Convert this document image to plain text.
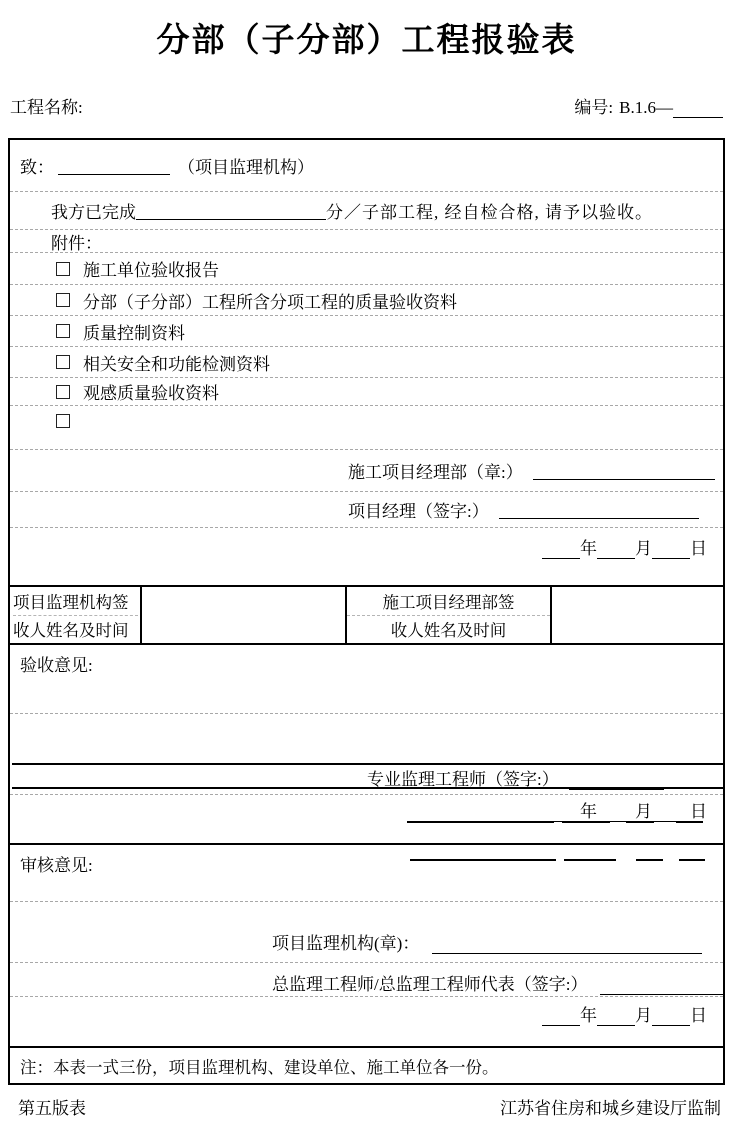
分部（子分部）工程报验表
工程名称:	编号: B.1.6—
致：	（项目监理机构）
我方已完成	分／子部工程, 经自检合格, 请予以验收。
附件：
施工单位验收报告
分部（子分部）工程所含分项工程的质量验收资料
质量控制资料
相关安全和功能检测资料
观感质量验收资料
施工项目经理部（章:）
项目经理（签字:）
年 月 日
项目监理机构签
收人姓名及时间
施工项目经理部签
收人姓名及时间
验收意见:
专业监理工程师（签字:）
年 月 日
审核意见:
项目监理机构(章)：
总监理工程师/总监理工程师代表（签字:）
年 月 日
注：本表一式三份，项目监理机构、建设单位、施工单位各一份。
第五版表	江苏省住房和城乡建设厅监制
